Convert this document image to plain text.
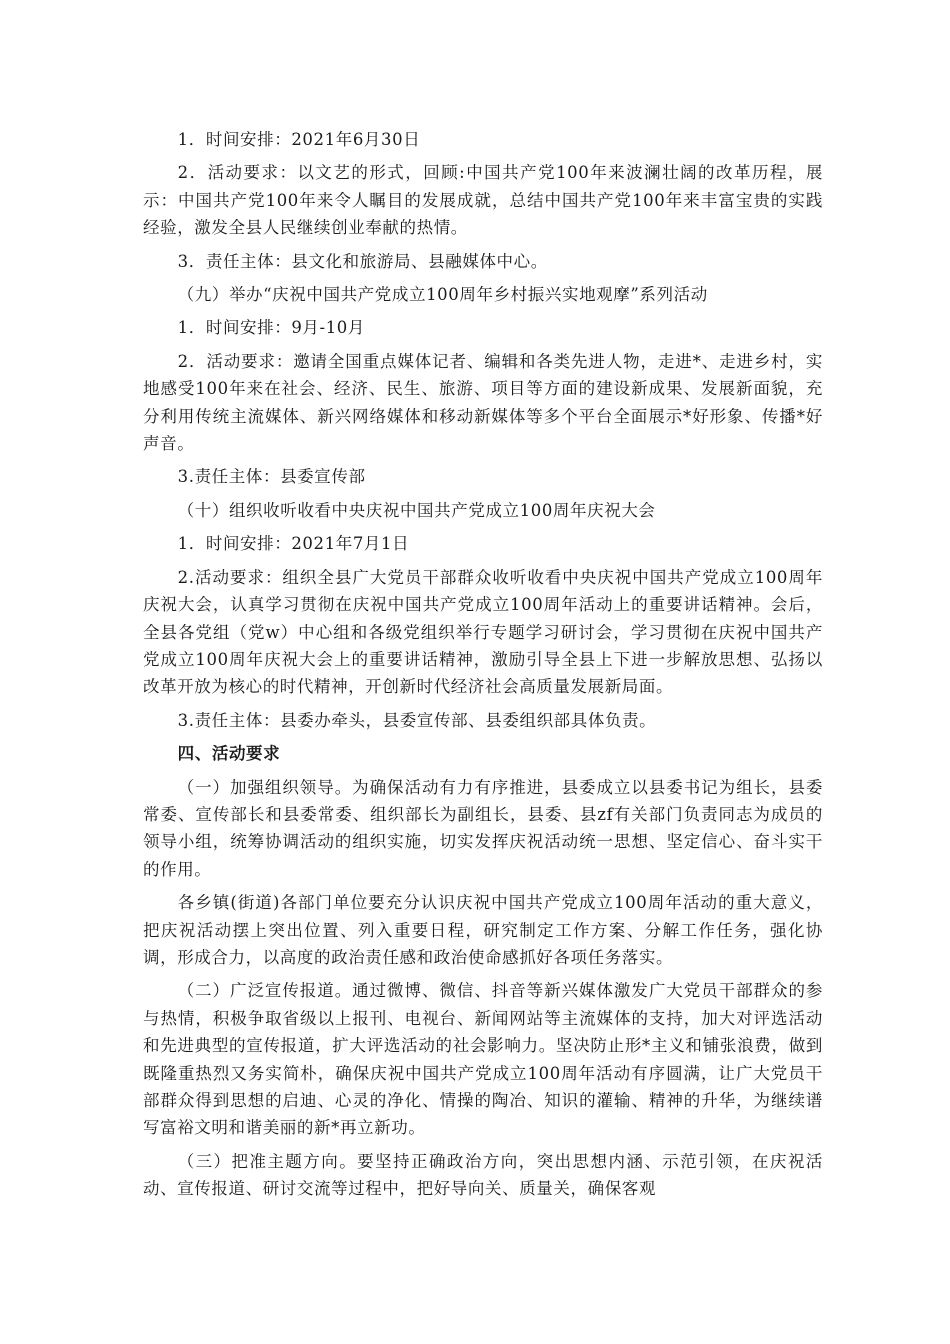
1．时间安排：2021年6月30日

2．活动要求：以文艺的形式，回顾:中国共产党100年来波澜壮阔的改革历程，展示：中国共产党100年来令人瞩目的发展成就，总结中国共产党100年来丰富宝贵的实践经验，激发全县人民继续创业奉献的热情。

3．责任主体：县文化和旅游局、县融媒体中心。

（九）举办“庆祝中国共产党成立100周年乡村振兴实地观摩”系列活动

1．时间安排：9月-10月

2．活动要求：邀请全国重点媒体记者、编辑和各类先进人物，走进*、走进乡村，实地感受100年来在社会、经济、民生、旅游、项目等方面的建设新成果、发展新面貌，充分利用传统主流媒体、新兴网络媒体和移动新媒体等多个平台全面展示*好形象、传播*好声音。

3.责任主体：县委宣传部

（十）组织收听收看中央庆祝中国共产党成立100周年庆祝大会

1．时间安排：2021年7月1日

2.活动要求：组织全县广大党员干部群众收听收看中央庆祝中国共产党成立100周年庆祝大会，认真学习贯彻在庆祝中国共产党成立100周年活动上的重要讲话精神。会后，全县各党组（党w）中心组和各级党组织举行专题学习研讨会，学习贯彻在庆祝中国共产党成立100周年庆祝大会上的重要讲话精神，激励引导全县上下进一步解放思想、弘扬以改革开放为核心的时代精神，开创新时代经济社会高质量发展新局面。

3.责任主体：县委办牵头，县委宣传部、县委组织部具体负责。

四、活动要求

（一）加强组织领导。为确保活动有力有序推进，县委成立以县委书记为组长，县委常委、宣传部长和县委常委、组织部长为副组长，县委、县zf有关部门负责同志为成员的领导小组，统筹协调活动的组织实施，切实发挥庆祝活动统一思想、坚定信心、奋斗实干的作用。

各乡镇(街道)各部门单位要充分认识庆祝中国共产党成立100周年活动的重大意义，把庆祝活动摆上突出位置、列入重要日程，研究制定工作方案、分解工作任务，强化协调，形成合力，以高度的政治责任感和政治使命感抓好各项任务落实。

（二）广泛宣传报道。通过微博、微信、抖音等新兴媒体激发广大党员干部群众的参与热情，积极争取省级以上报刊、电视台、新闻网站等主流媒体的支持，加大对评选活动和先进典型的宣传报道，扩大评选活动的社会影响力。坚决防止形*主义和铺张浪费，做到既隆重热烈又务实简朴，确保庆祝中国共产党成立100周年活动有序圆满，让广大党员干部群众得到思想的启迪、心灵的净化、情操的陶冶、知识的灌输、精神的升华，为继续谱写富裕文明和谐美丽的新*再立新功。

（三）把准主题方向。要坚持正确政治方向，突出思想内涵、示范引领，在庆祝活动、宣传报道、研讨交流等过程中，把好导向关、质量关，确保客观
